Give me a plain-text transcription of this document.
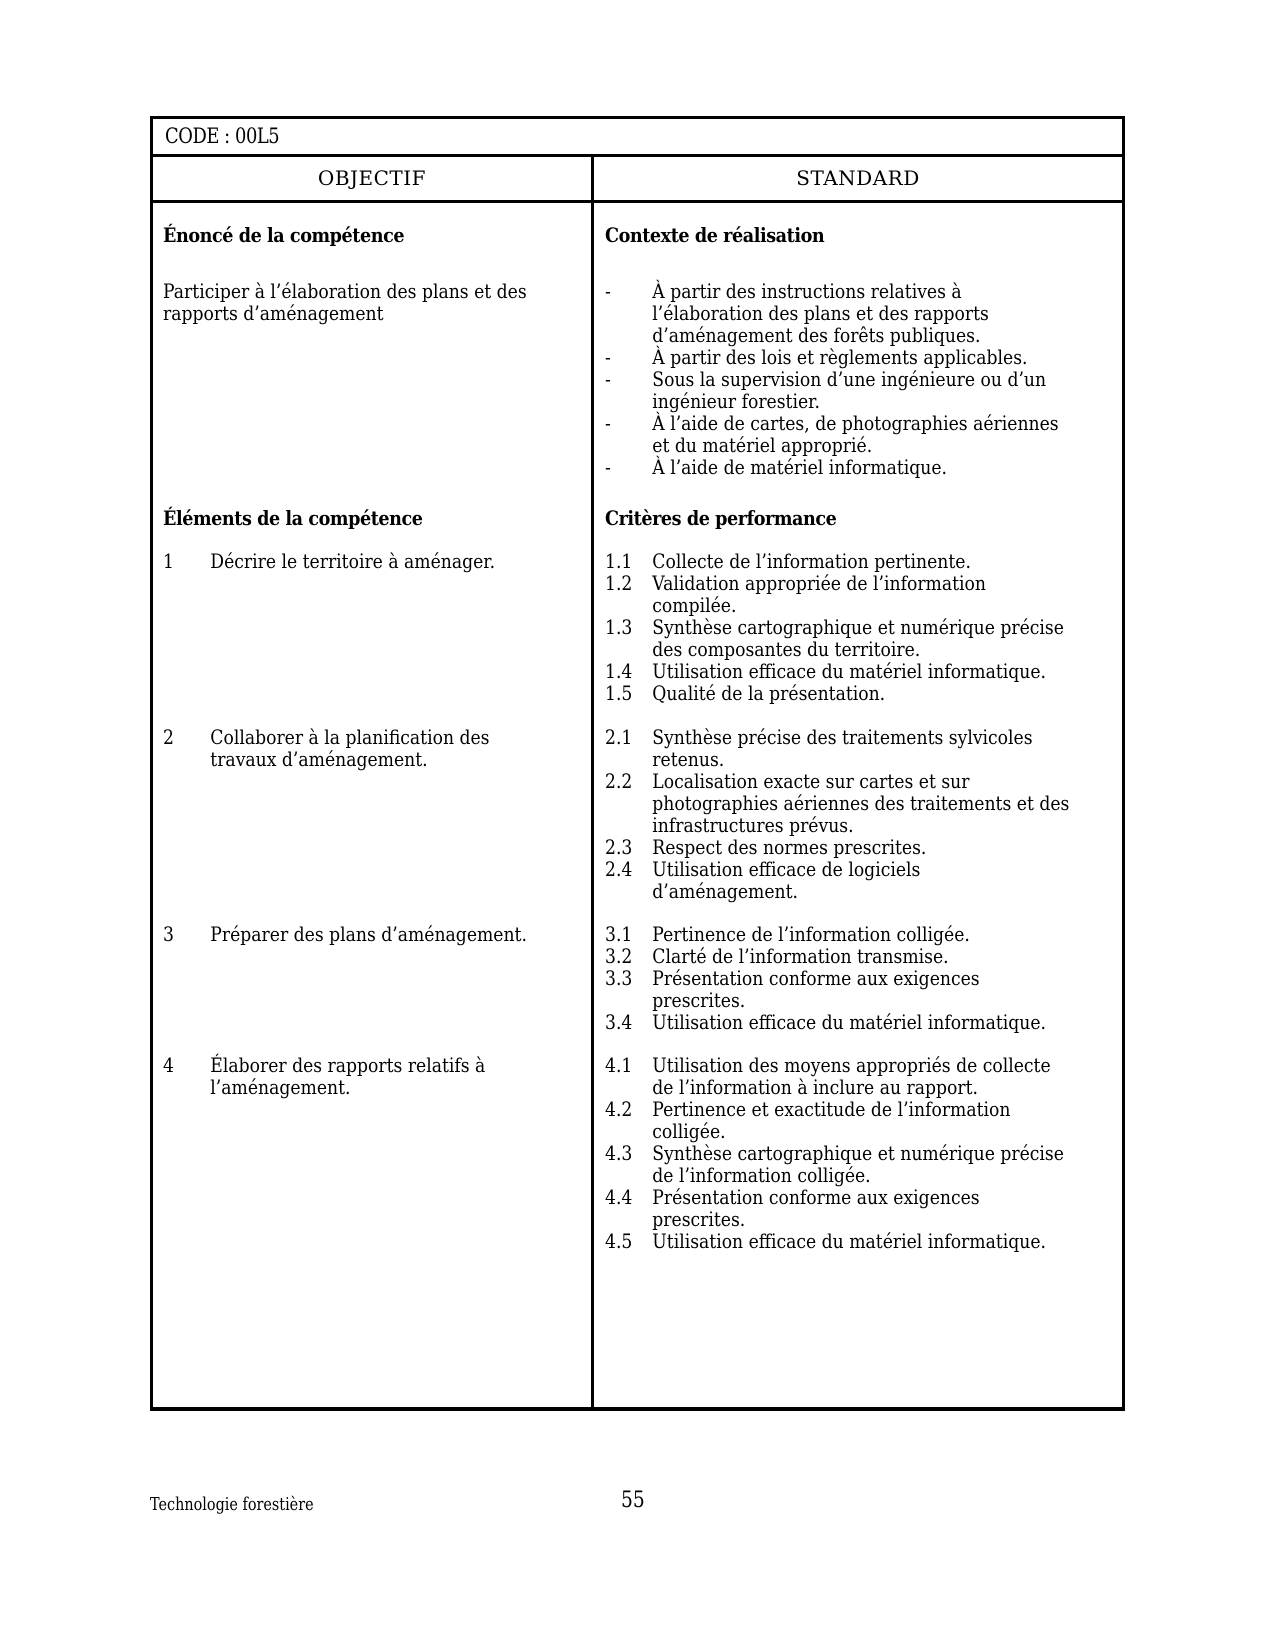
CODE : 00L5
OBJECTIF	STANDARD
Énoncé de la compétence
Participer à l’élaboration des plans et des
rapports d’aménagement
Éléments de la compétence
1 Décrire le territoire à aménager.
2 Collaborer à la planification des
travaux d’aménagement.
3 Préparer des plans d’aménagement.
4 Élaborer des rapports relatifs à
l’aménagement.
Contexte de réalisation
- À partir des instructions relatives à
l’élaboration des plans et des rapports
d’aménagement des forêts publiques.
- À partir des lois et règlements applicables.
- Sous la supervision d’une ingénieure ou d’un
ingénieur forestier.
- À l’aide de cartes, de photographies aériennes
et du matériel approprié.
- À l’aide de matériel informatique.
Critères de performance
1.1 Collecte de l’information pertinente.
1.2 Validation appropriée de l’information
compilée.
1.3 Synthèse cartographique et numérique précise
des composantes du territoire.
1.4 Utilisation efficace du matériel informatique.
1.5 Qualité de la présentation.
2.1 Synthèse précise des traitements sylvicoles
retenus.
2.2 Localisation exacte sur cartes et sur
photographies aériennes des traitements et des
infrastructures prévus.
2.3 Respect des normes prescrites.
2.4 Utilisation efficace de logiciels
d’aménagement.
3.1 Pertinence de l’information colligée.
3.2 Clarté de l’information transmise.
3.3 Présentation conforme aux exigences
prescrites.
3.4 Utilisation efficace du matériel informatique.
4.1 Utilisation des moyens appropriés de collecte
de l’information à inclure au rapport.
4.2 Pertinence et exactitude de l’information
colligée.
4.3 Synthèse cartographique et numérique précise
de l’information colligée.
4.4 Présentation conforme aux exigences
prescrites.
4.5 Utilisation efficace du matériel informatique.
Technologie forestière	55
